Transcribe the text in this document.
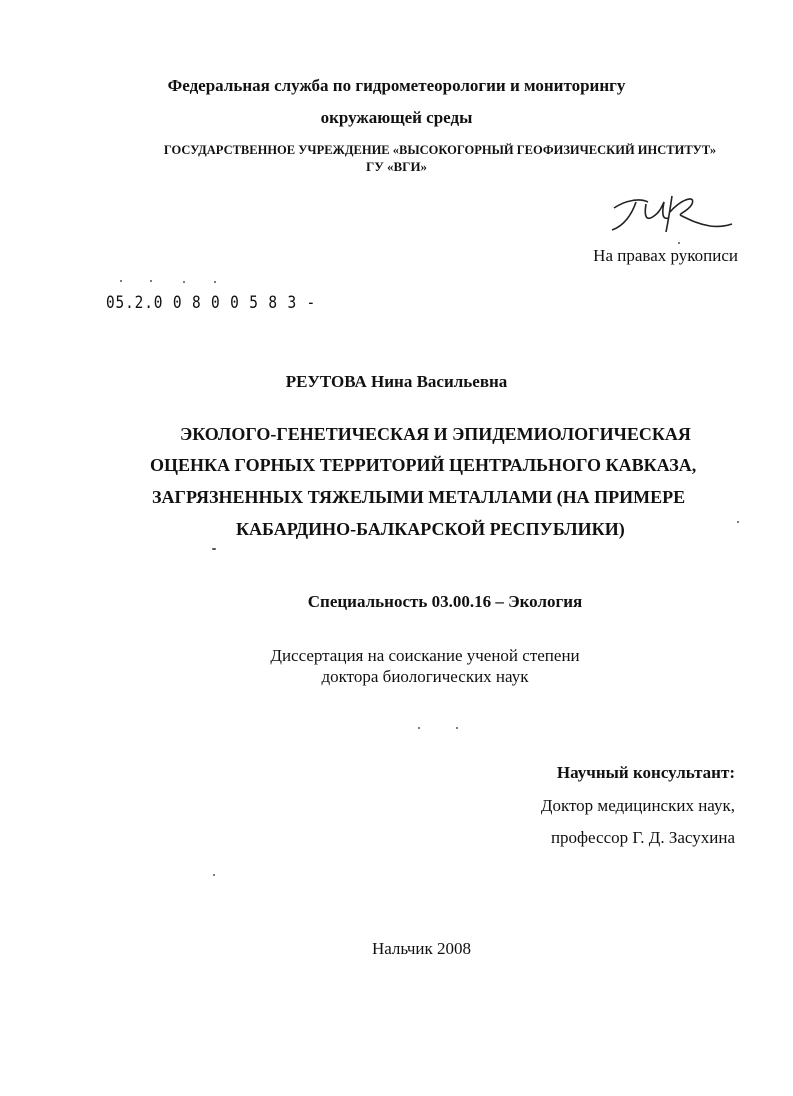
Федеральная служба по гидрометеорологии и мониторингу

окружающей среды

ГОСУДАРСТВЕННОЕ УЧРЕЖДЕНИЕ «ВЫСОКОГОРНЫЙ ГЕОФИЗИЧЕСКИЙ ИНСТИТУТ»

ГУ «ВГИ»

На правах рукописи

05.2.0 0 8 0 0 5 8 3 -

РЕУТОВА Нина Васильевна

ЭКОЛОГО-ГЕНЕТИЧЕСКАЯ И ЭПИДЕМИОЛОГИЧЕСКАЯ

ОЦЕНКА ГОРНЫХ ТЕРРИТОРИЙ ЦЕНТРАЛЬНОГО КАВКАЗА,

ЗАГРЯЗНЕННЫХ ТЯЖЕЛЫМИ МЕТАЛЛАМИ (НА ПРИМЕРЕ

КАБАРДИНО-БАЛКАРСКОЙ РЕСПУБЛИКИ)

Специальность 03.00.16 – Экология

Диссертация на соискание ученой степени

доктора биологических наук

Научный консультант:

Доктор медицинских наук,

профессор Г. Д. Засухина

Нальчик 2008
